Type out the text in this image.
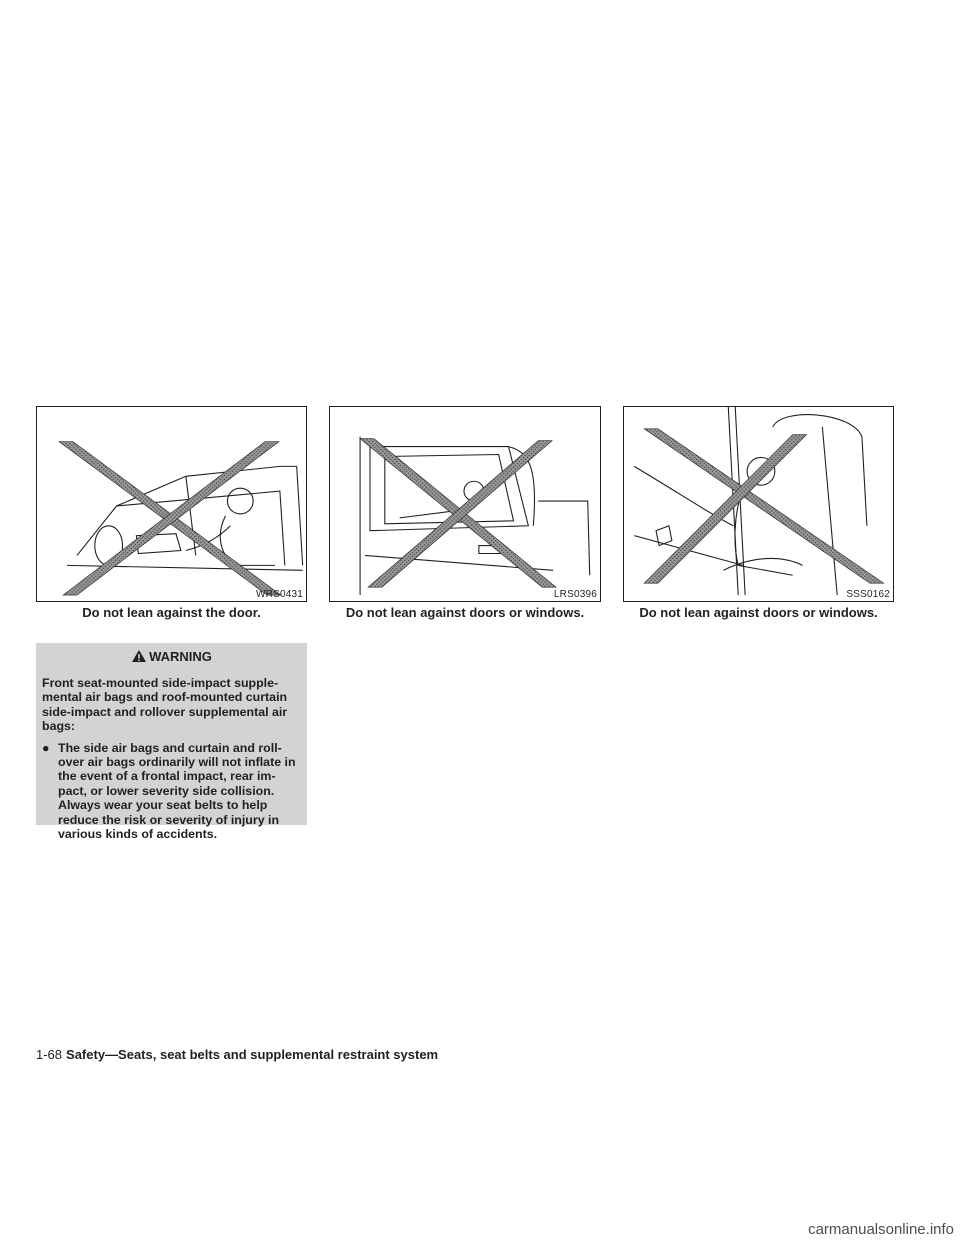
WRS0431
Do not lean against the door.
LRS0396
Do not lean against doors or windows.
SSS0162
Do not lean against doors or windows.
WARNING

Front seat-mounted side-impact supple-mental air bags and roof-mounted curtain side-impact and rollover supplemental air bags:

● The side air bags and curtain and roll-over air bags ordinarily will not inflate in the event of a frontal impact, rear im-pact, or lower severity side collision. Always wear your seat belts to help reduce the risk or severity of injury in various kinds of accidents.
1-68 Safety—Seats, seat belts and supplemental restraint system
carmanualsonline.info
